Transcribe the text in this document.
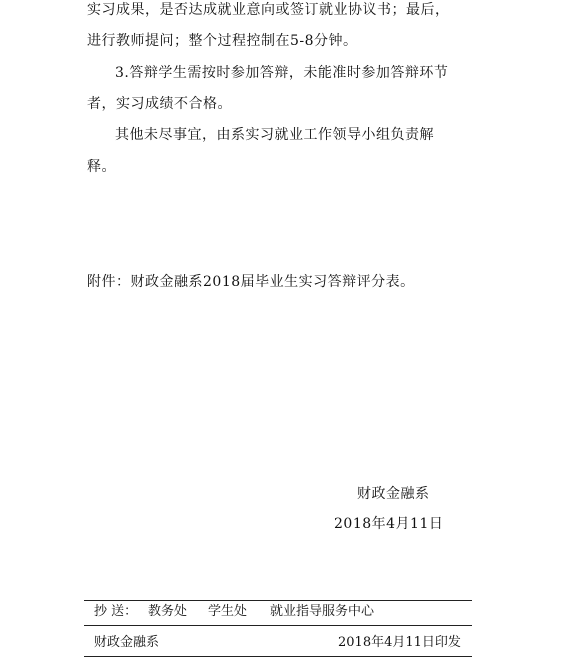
实习成果，是否达成就业意向或签订就业协议书；最后，
进行教师提问；整个过程控制在5-8分钟。
3.答辩学生需按时参加答辩，未能准时参加答辩环节
者，实习成绩不合格。
其他未尽事宜，由系实习就业工作领导小组负责解
释。
附件：财政金融系2018届毕业生实习答辩评分表。
财政金融系
2018年4月11日
抄 送： 教务处 学生处 就业指导服务中心
财政金融系	2018年4月11日印发
